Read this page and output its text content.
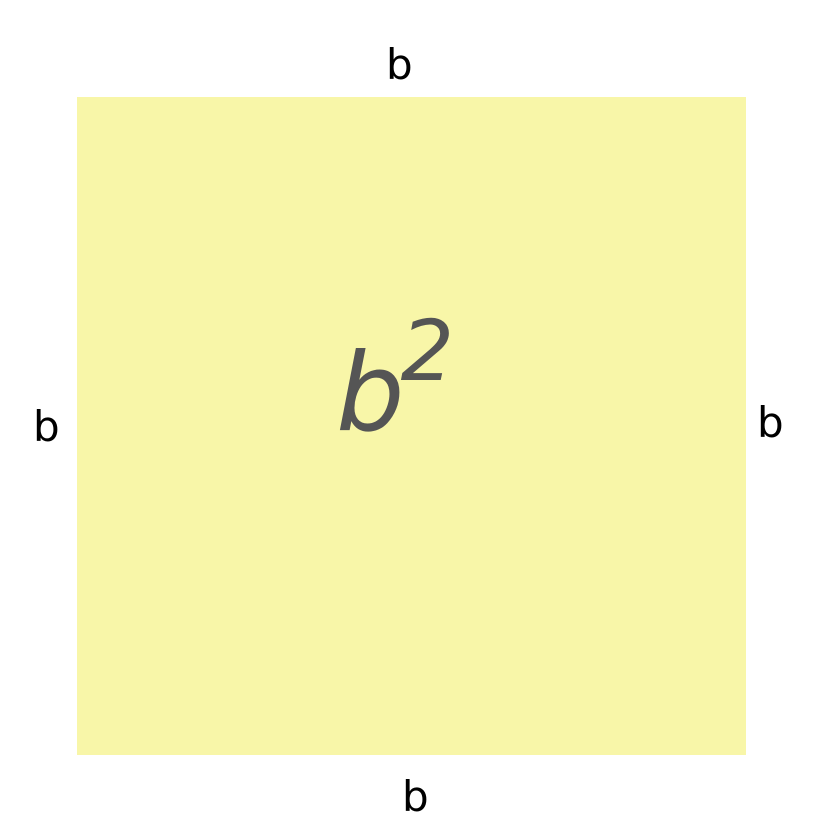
b
b	b
b
b2
